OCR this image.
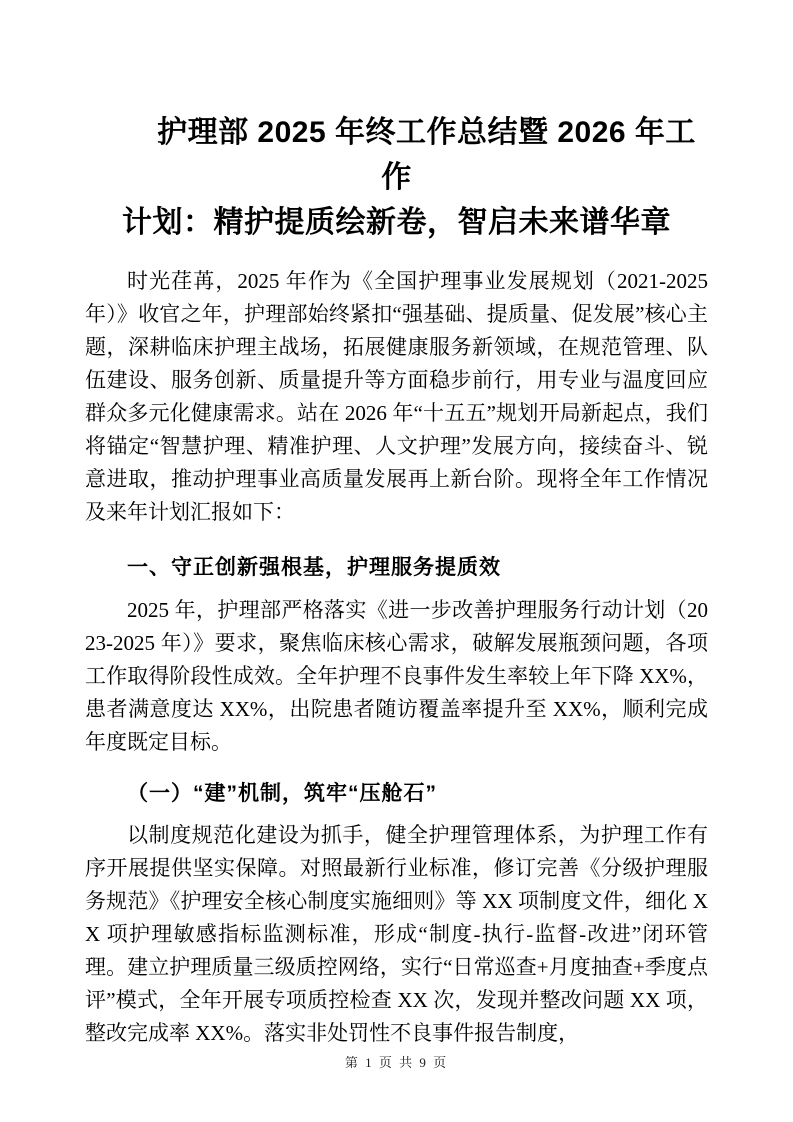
护理部 2025 年终工作总结暨 2026 年工作
计划：精护提质绘新卷，智启未来谱华章

时光荏苒，2025 年作为《全国护理事业发展规划（2021-2025 年）》收官之年，护理部始终紧扣“强基础、提质量、促发展”核心主题，深耕临床护理主战场，拓展健康服务新领域，在规范管理、队伍建设、服务创新、质量提升等方面稳步前行，用专业与温度回应群众多元化健康需求。站在 2026 年“十五五”规划开局新起点，我们将锚定“智慧护理、精准护理、人文护理”发展方向，接续奋斗、锐意进取，推动护理事业高质量发展再上新台阶。现将全年工作情况及来年计划汇报如下：

一、守正创新强根基，护理服务提质效

2025 年，护理部严格落实《进一步改善护理服务行动计划（2023-2025 年）》要求，聚焦临床核心需求，破解发展瓶颈问题，各项工作取得阶段性成效。全年护理不良事件发生率较上年下降 XX%，患者满意度达 XX%，出院患者随访覆盖率提升至 XX%，顺利完成年度既定目标。

（一）“建”机制，筑牢“压舱石”

以制度规范化建设为抓手，健全护理管理体系，为护理工作有序开展提供坚实保障。对照最新行业标准，修订完善《分级护理服务规范》《护理安全核心制度实施细则》等 XX 项制度文件，细化 XX 项护理敏感指标监测标准，形成“制度-执行-监督-改进”闭环管理。建立护理质量三级质控网络，实行“日常巡查+月度抽查+季度点评”模式，全年开展专项质控检查 XX 次，发现并整改问题 XX 项，整改完成率 XX%。落实非处罚性不良事件报告制度，

第 1 页 共 9 页
